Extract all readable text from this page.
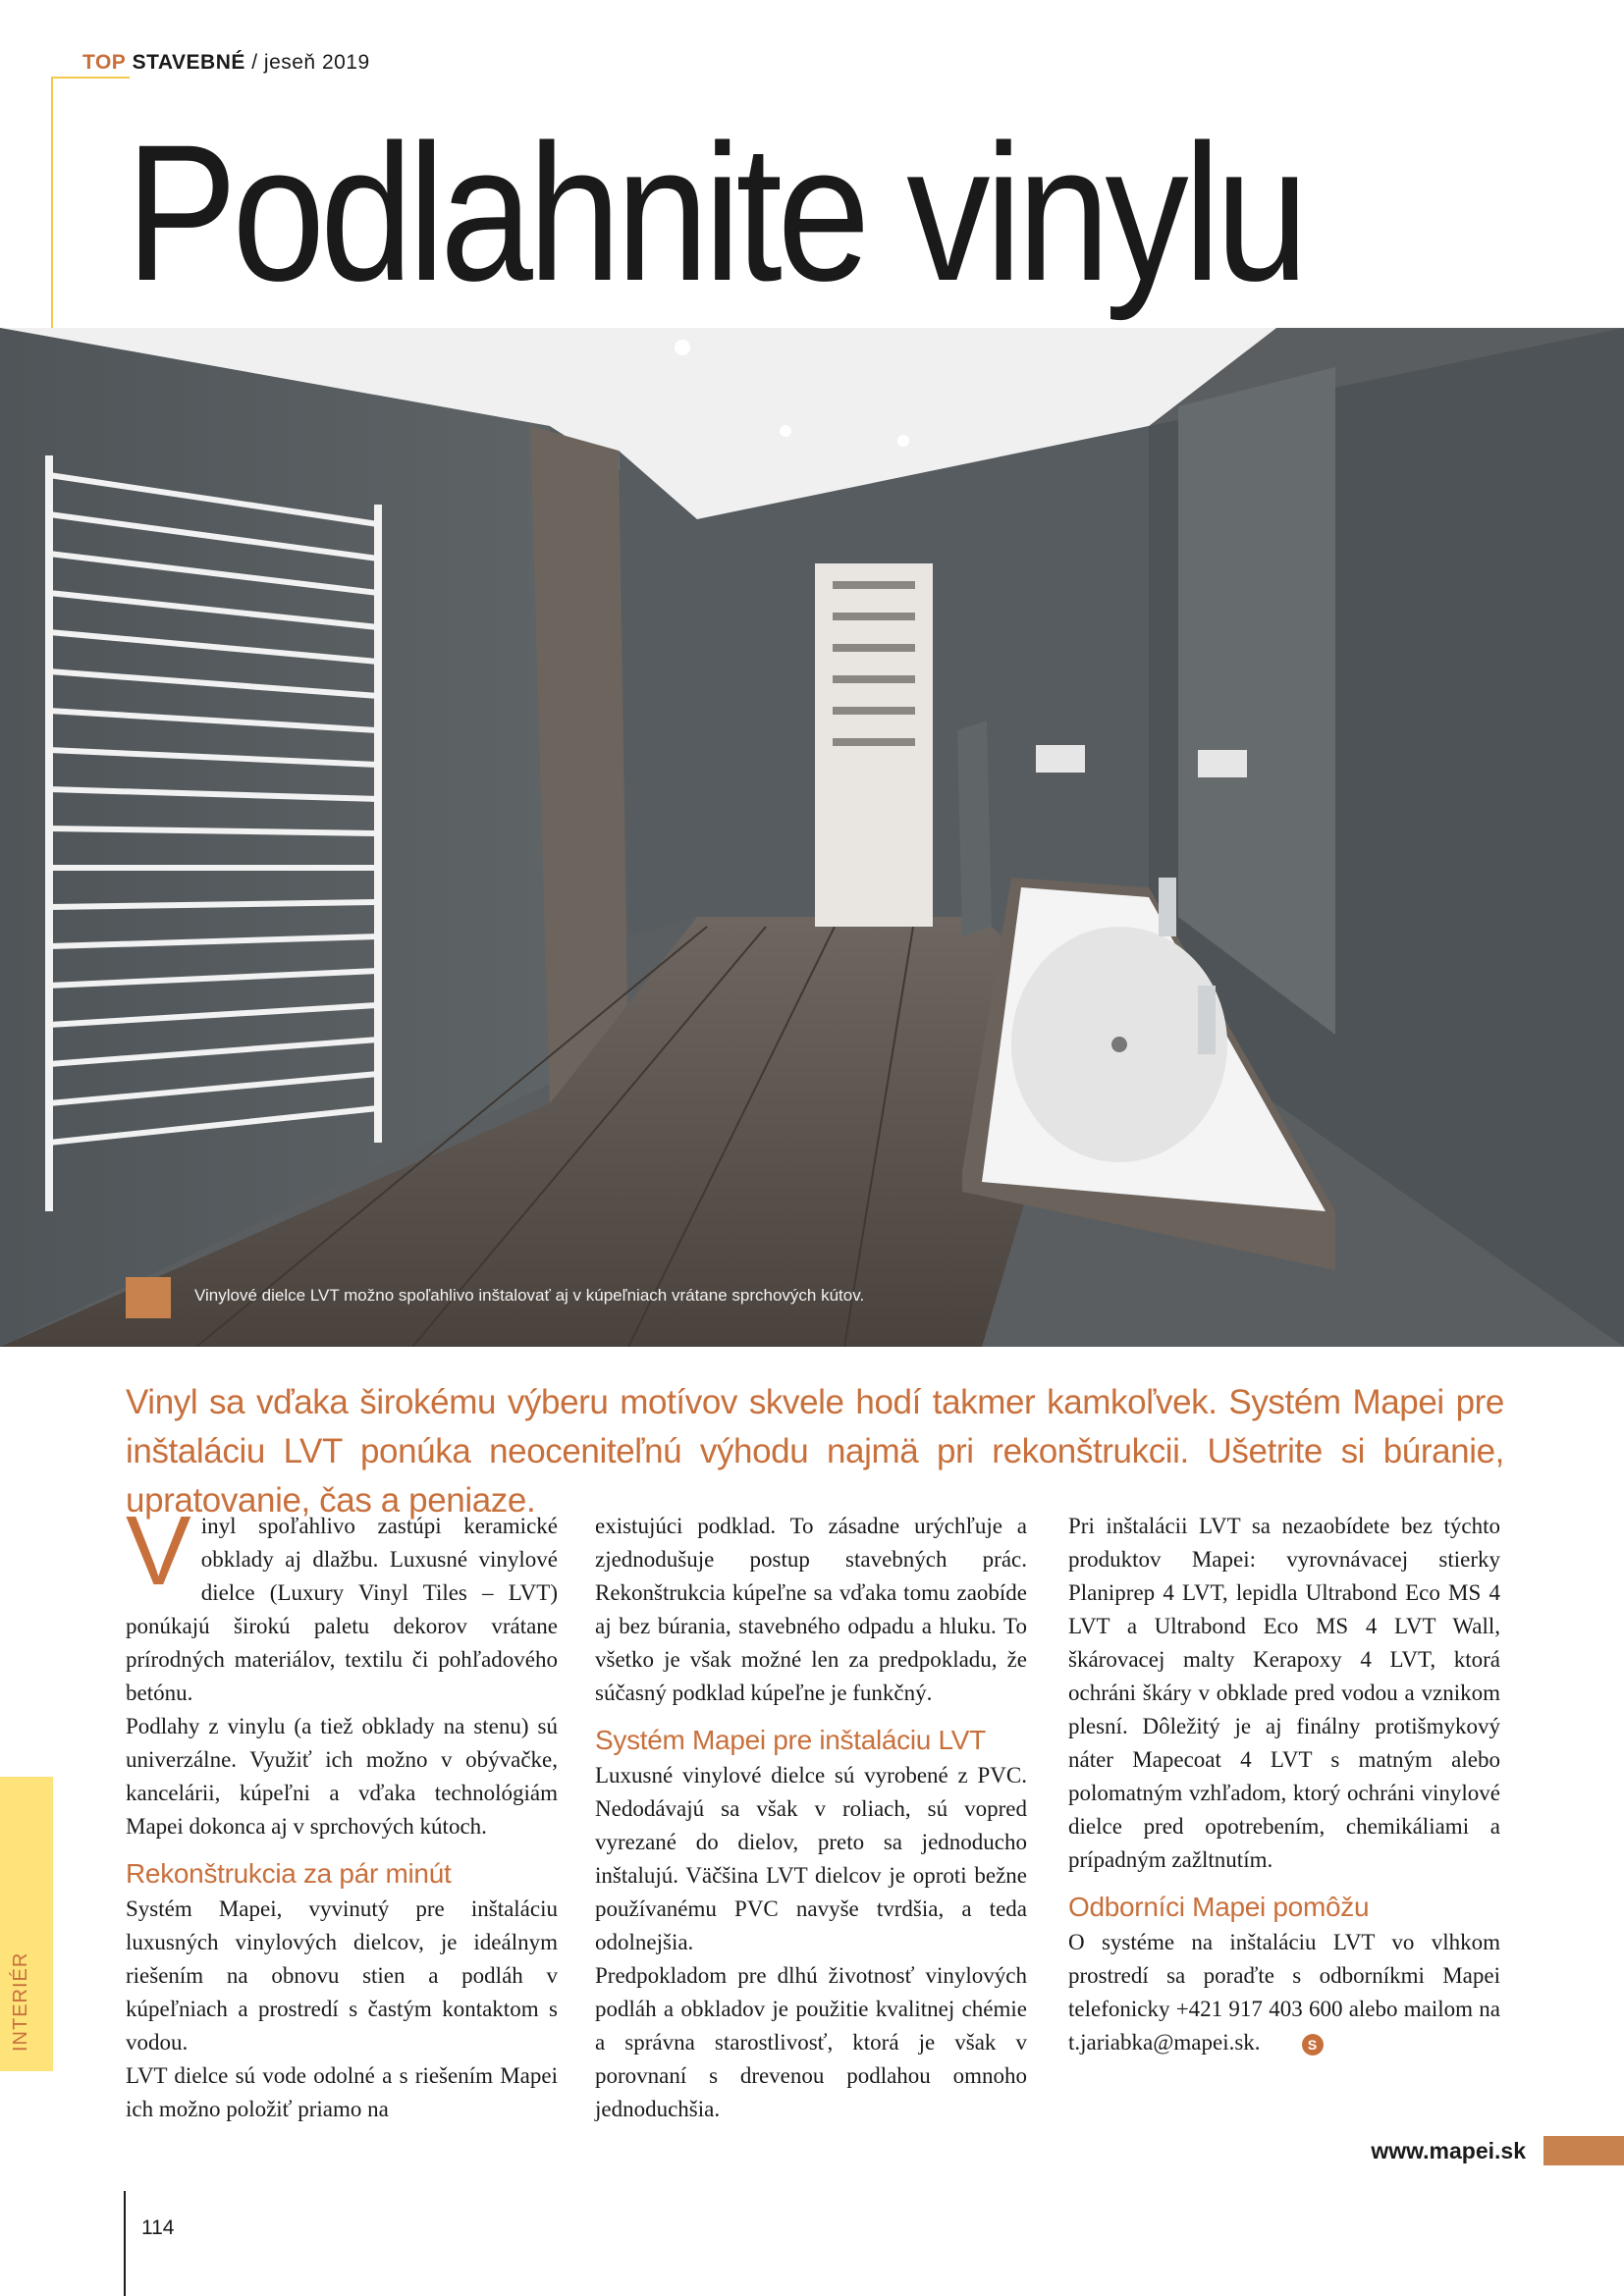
TOP STAVEBNÉ / jeseň 2019
Podlahnite vinylu
Vinylové dielce LVT možno spoľahlivo inštalovať aj v kúpeľniach vrátane sprchových kútov.
Vinyl sa vďaka širokému výberu motívov skvele hodí takmer kamkoľvek. Systém Mapei pre inštaláciu LVT ponúka neoceniteľnú výhodu najmä pri rekonštrukcii. Ušetrite si búranie, upratovanie, čas a peniaze.

Vinyl spoľahlivo zastúpi keramické obklady aj dlažbu. Luxusné vinylové dielce (Luxury Vinyl Tiles – LVT) ponúkajú širokú paletu dekorov vrátane prírodných materiálov, textilu či pohľadového betónu.

Podlahy z vinylu (a tiež obklady na stenu) sú univerzálne. Využiť ich možno v obývačke, kancelárii, kúpeľni a vďaka technológiám Mapei dokonca aj v sprchových kútoch.

Rekonštrukcia za pár minút

Systém Mapei, vyvinutý pre inštaláciu luxusných vinylových dielcov, je ideálnym riešením na obnovu stien a podláh v kúpeľniach a prostredí s častým kontaktom s vodou.

LVT dielce sú vode odolné a s riešením Mapei ich možno položiť priamo na

existujúci podklad. To zásadne urýchľuje a zjednodušuje postup stavebných prác. Rekonštrukcia kúpeľne sa vďaka tomu zaobíde aj bez búrania, stavebného odpadu a hluku. To všetko je však možné len za predpokladu, že súčasný podklad kúpeľne je funkčný.

Systém Mapei pre inštaláciu LVT

Luxusné vinylové dielce sú vyrobené z PVC. Nedodávajú sa však v roliach, sú vopred vyrezané do dielov, preto sa jednoducho inštalujú. Väčšina LVT dielcov je oproti bežne používanému PVC navyše tvrdšia, a teda odolnejšia.

Predpokladom pre dlhú životnosť vinylových podláh a obkladov je použitie kvalitnej chémie a správna starostlivosť, ktorá je však v porovnaní s drevenou podlahou omnoho jednoduchšia.

Pri inštalácii LVT sa nezaobídete bez týchto produktov Mapei: vyrovnávacej stierky Planiprep 4 LVT, lepidla Ultrabond Eco MS 4 LVT a Ultrabond Eco MS 4 LVT Wall, škárovacej malty Kerapoxy 4 LVT, ktorá ochráni škáry v obklade pred vodou a vznikom plesní. Dôležitý je aj finálny protišmykový náter Mapecoat 4 LVT s matným alebo polomatným vzhľadom, ktorý ochráni vinylové dielce pred opotrebením, chemikáliami a prípadným zažltnutím.

Odborníci Mapei pomôžu

O systéme na inštaláciu LVT vo vlhkom prostredí sa poraďte s odborníkmi Mapei telefonicky +421 917 403 600 alebo mailom na t.jariabka@mapei.sk.	S

INTERIÉR
www.mapei.sk
114
